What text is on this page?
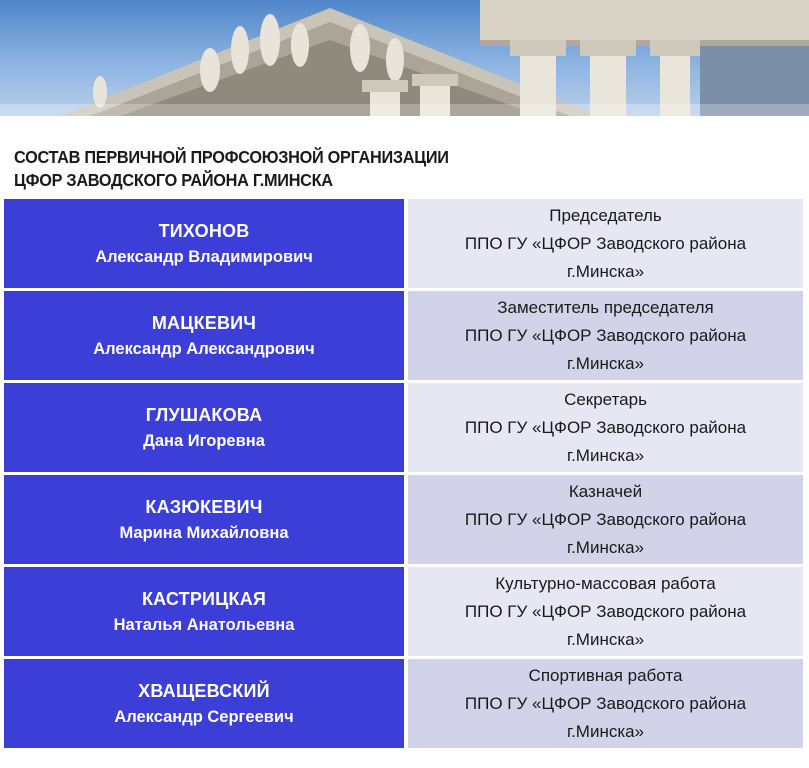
СОСТАВ ПЕРВИЧНОЙ ПРОФСОЮЗНОЙ ОРГАНИЗАЦИИ
ЦФОР ЗАВОДСКОГО РАЙОНА Г.МИНСКА
ТИХОНОВ
Александр Владимирович
Председатель
ППО ГУ «ЦФОР Заводского района
г.Минска»
МАЦКЕВИЧ
Александр Александрович
Заместитель председателя
ППО ГУ «ЦФОР Заводского района
г.Минска»
ГЛУШАКОВА
Дана Игоревна
Секретарь
ППО ГУ «ЦФОР Заводского района
г.Минска»
КАЗЮКЕВИЧ
Марина Михайловна
Казначей
ППО ГУ «ЦФОР Заводского района
г.Минска»
КАСТРИЦКАЯ
Наталья Анатольевна
Культурно-массовая работа
ППО ГУ «ЦФОР Заводского района
г.Минска»
ХВАЩЕВСКИЙ
Александр Сергеевич
Спортивная работа
ППО ГУ «ЦФОР Заводского района
г.Минска»
